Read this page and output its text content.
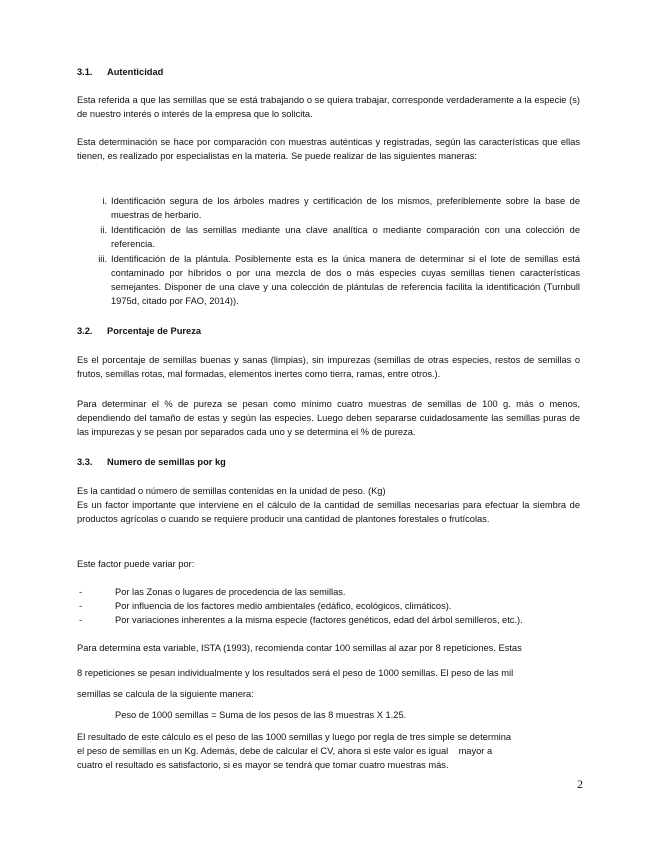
3.1. Autenticidad
Esta referida a que las semillas que se está trabajando o se quiera trabajar, corresponde verdaderamente a la especie (s) de nuestro interés o interés de la empresa que lo solicita.
Esta determinación se hace por comparación con muestras auténticas y registradas, según las características que ellas tienen, es realizado por especialistas en la materia. Se puede realizar de las siguientes maneras:
i. Identificación segura de los árboles madres y certificación de los mismos, preferiblemente sobre la base de muestras de herbario.
ii. Identificación de las semillas mediante una clave analítica o mediante comparación con una colección de referencia.
iii. Identificación de la plántula. Posiblemente esta es la única manera de determinar si el lote de semillas está contaminado por híbridos o por una mezcla de dos o más especies cuyas semillas tienen características semejantes. Disponer de una clave y una colección de plántulas de referencia facilita la identificación (Turnbull 1975d, citado por FAO, 2014)).
3.2. Porcentaje de Pureza
Es el porcentaje de semillas buenas y sanas (limpias), sin impurezas (semillas de otras especies, restos de semillas o frutos, semillas rotas, mal formadas, elementos inertes como tierra, ramas, entre otros.).
Para determinar el % de pureza se pesan como mínimo cuatro muestras de semillas de 100 g. más o menos, dependiendo del tamaño de estas y según las especies. Luego deben separarse cuidadosamente las semillas puras de las impurezas y se pesan por separados cada uno y se determina el % de pureza.
3.3. Numero de semillas por kg
Es la cantidad o número de semillas contenidas en la unidad de peso. (Kg)
Es un factor importante que interviene en el cálculo de la cantidad de semillas necesarias para efectuar la siembra de productos agrícolas o cuando se requiere producir una cantidad de plantones forestales o frutícolas.
Este factor puede variar por:
-	Por las Zonas o lugares de procedencia de las semillas.
-	Por influencia de los factores medio ambientales (edáfico, ecológicos, climáticos).
-	Por variaciones inherentes a la misma especie (factores genéticos, edad del árbol semilleros, etc.).
Para determina esta variable, ISTA (1993), recomienda contar 100 semillas al azar por 8 repeticiones. Estas
8 repeticiones se pesan individualmente y los resultados será el peso de 1000 semillas. El peso de las mil
semillas se calcula de la siguiente manera:
Peso de 1000 semillas = Suma de los pesos de las 8 muestras X 1.25.
El resultado de este cálculo es el peso de las 1000 semillas y luego por regla de tres simple se determina
el peso de semillas en un Kg. Además, debe de calcular el CV, ahora si este valor es igual    mayor a
cuatro el resultado es satisfactorio, si es mayor se tendrá que tomar cuatro muestras más.
2
